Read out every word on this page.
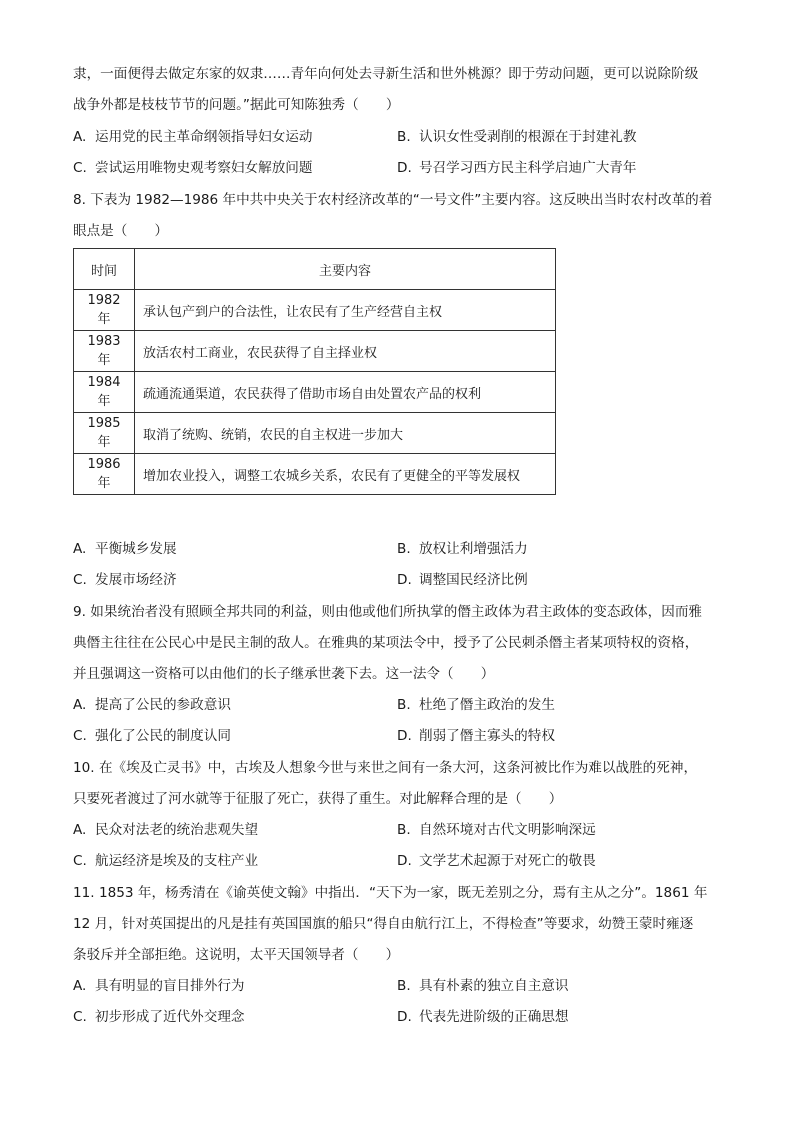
隶，一面便得去做定东家的奴隶……青年向何处去寻新生活和世外桃源？即于劳动问题，更可以说除阶级
战争外都是枝枝节节的问题。”据此可知陈独秀（　　）
A. 运用党的民主革命纲领指导妇女运动	B. 认识女性受剥削的根源在于封建礼教
C. 尝试运用唯物史观考察妇女解放问题	D. 号召学习西方民主科学启迪广大青年
8. 下表为 1982—1986 年中共中央关于农村经济改革的“一号文件”主要内容。这反映出当时农村改革的着
眼点是（　　）
时间	主要内容
1982 年	承认包产到户的合法性，让农民有了生产经营自主权
1983 年	放活农村工商业，农民获得了自主择业权
1984 年	疏通流通渠道，农民获得了借助市场自由处置农产品的权利
1985 年	取消了统购、统销，农民的自主权进一步加大
1986 年	增加农业投入，调整工农城乡关系，农民有了更健全的平等发展权
A. 平衡城乡发展	B. 放权让利增强活力
C. 发展市场经济	D. 调整国民经济比例
9. 如果统治者没有照顾全邦共同的利益，则由他或他们所执掌的僭主政体为君主政体的变态政体，因而雅
典僭主往往在公民心中是民主制的敌人。在雅典的某项法令中，授予了公民刺杀僭主者某项特权的资格，
并且强调这一资格可以由他们的长子继承世袭下去。这一法令（　　）
A. 提高了公民的参政意识	B. 杜绝了僭主政治的发生
C. 强化了公民的制度认同	D. 削弱了僭主寡头的特权
10. 在《埃及亡灵书》中，古埃及人想象今世与来世之间有一条大河，这条河被比作为难以战胜的死神，
只要死者渡过了河水就等于征服了死亡，获得了重生。对此解释合理的是（　　）
A. 民众对法老的统治悲观失望	B. 自然环境对古代文明影响深远
C. 航运经济是埃及的支柱产业	D. 文学艺术起源于对死亡的敬畏
11. 1853 年，杨秀清在《谕英使文翰》中指出．“天下为一家，既无差别之分，焉有主从之分”。1861 年
12 月，针对英国提出的凡是挂有英国国旗的船只“得自由航行江上，不得检查”等要求，幼赞王蒙时雍逐
条驳斥并全部拒绝。这说明，太平天国领导者（　　）
A. 具有明显的盲目排外行为	B. 具有朴素的独立自主意识
C. 初步形成了近代外交理念	D. 代表先进阶级的正确思想
